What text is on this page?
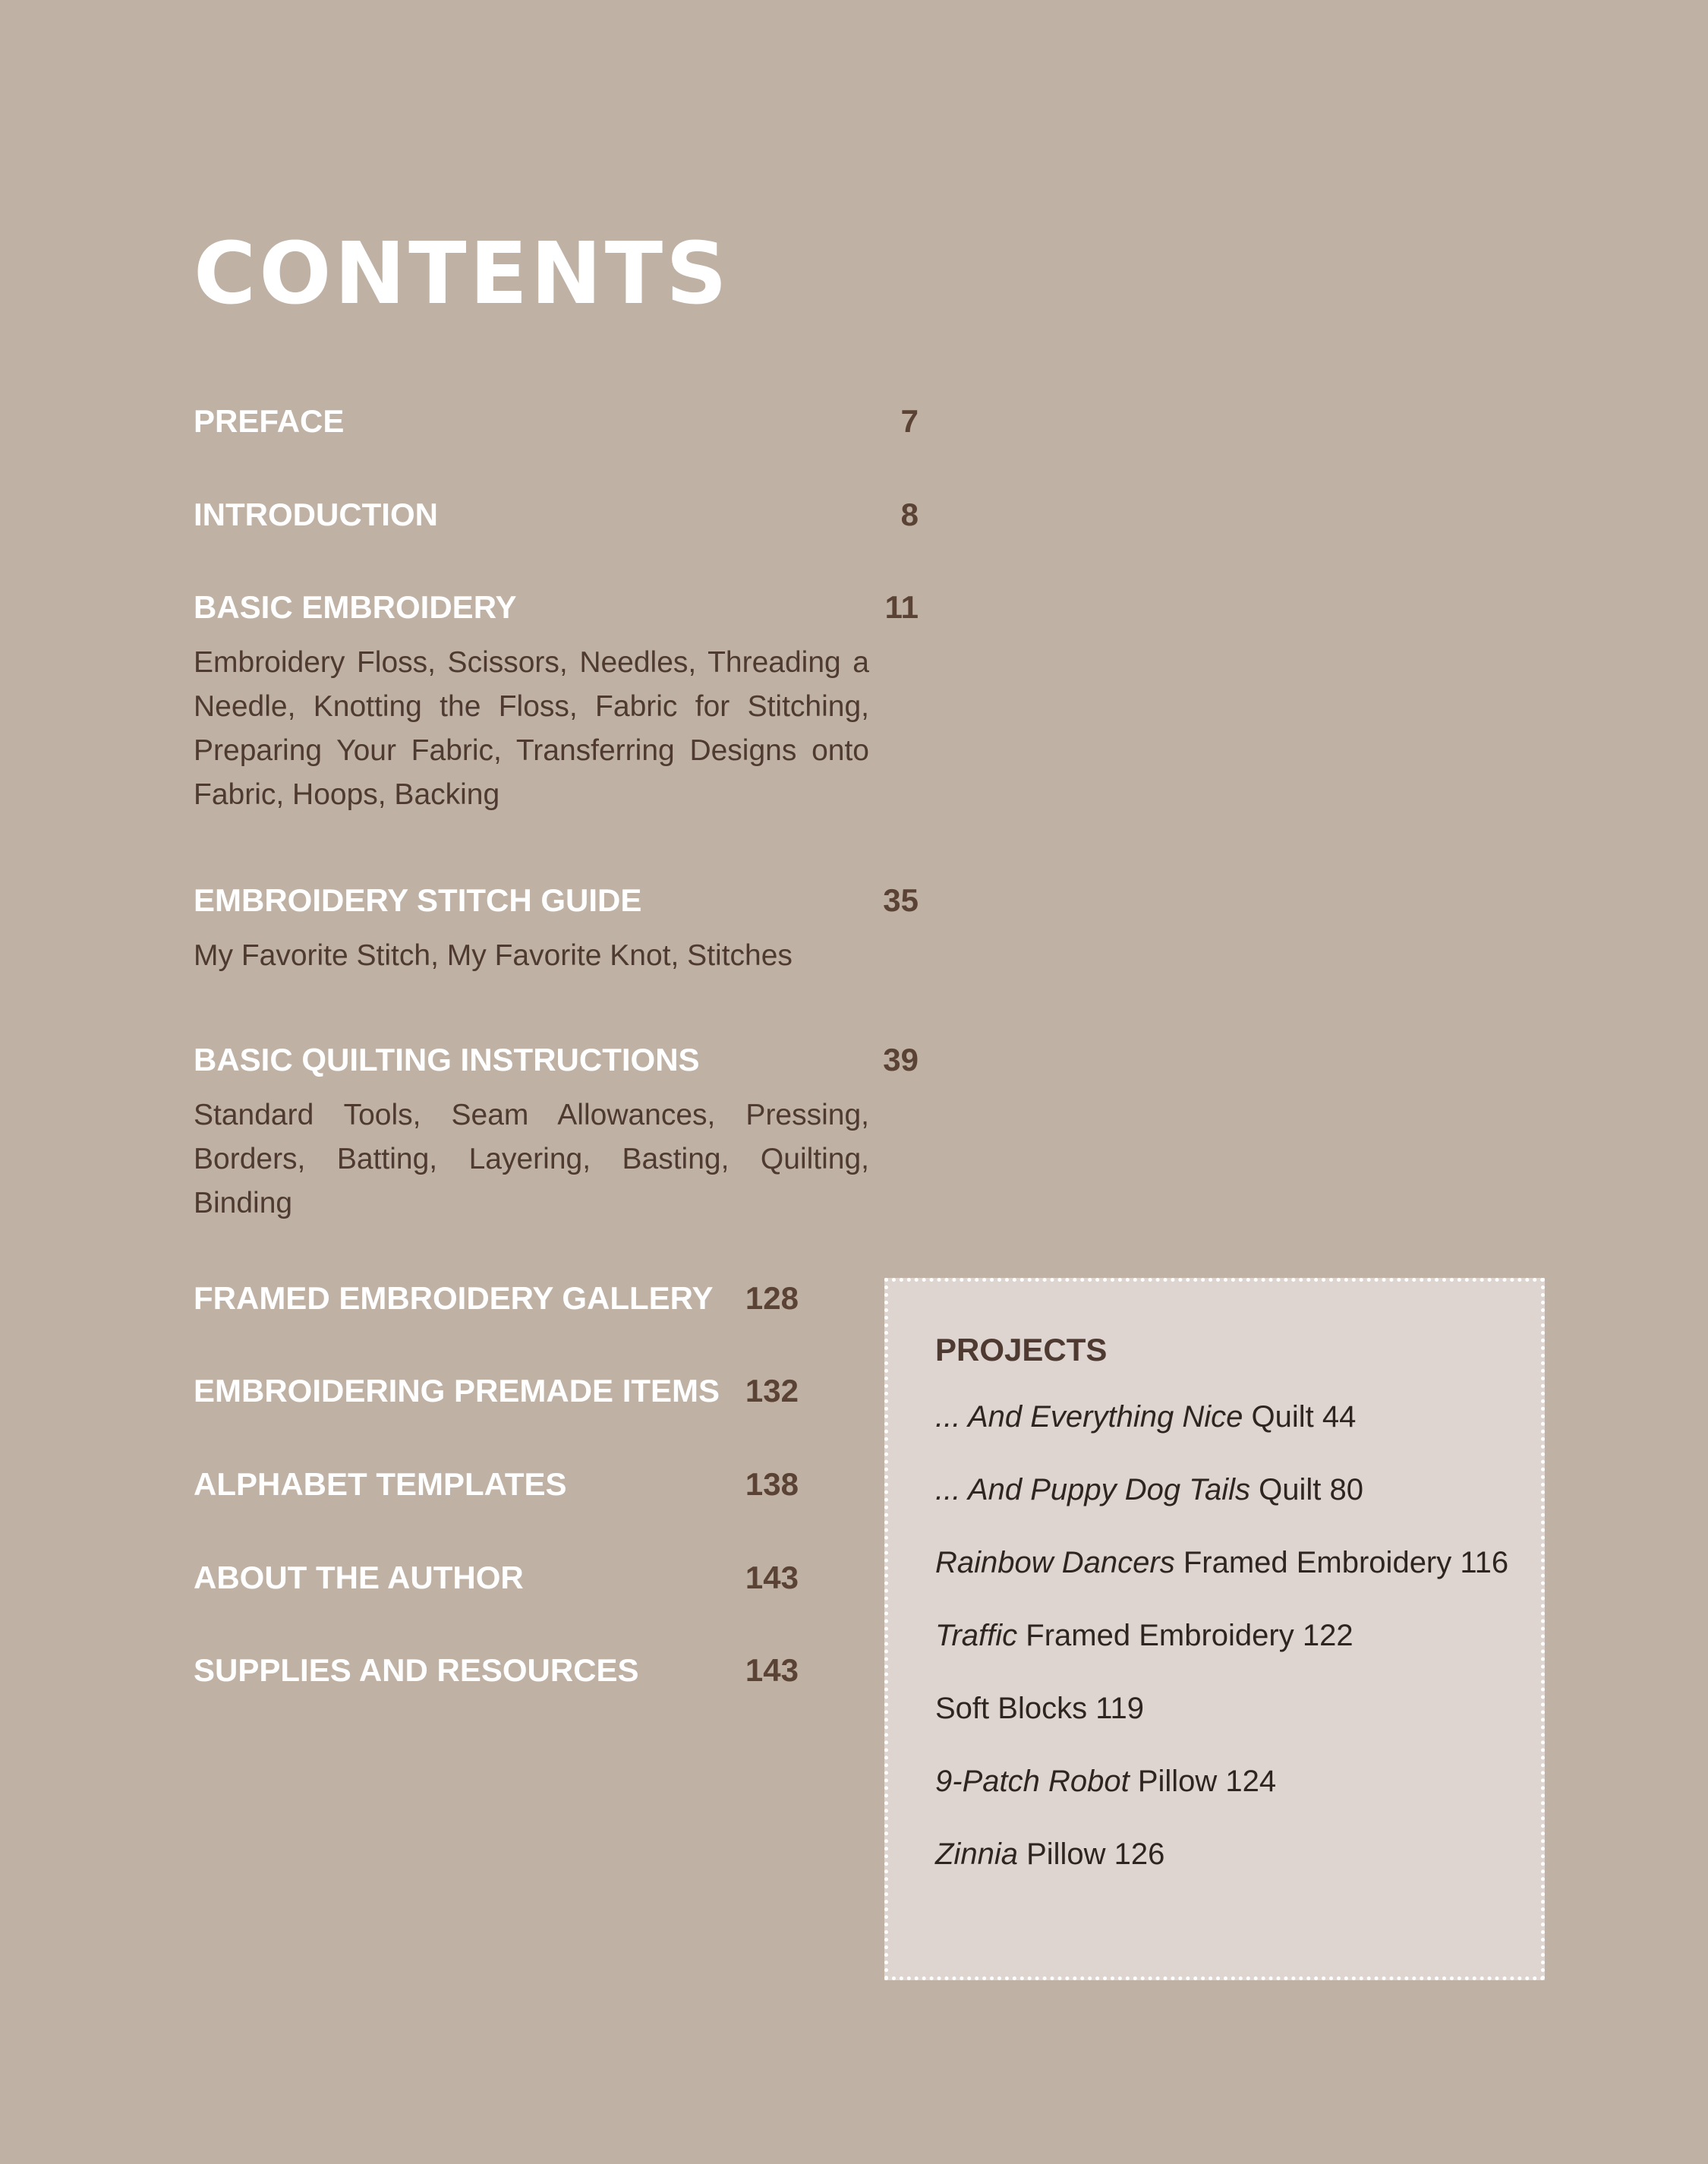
CONTENTS
PREFACE	7
INTRODUCTION	8
BASIC EMBROIDERY	11
Embroidery Floss, Scissors, Needles, Threading a Needle, Knotting the Floss, Fabric for Stitching, Preparing Your Fabric, Transferring Designs onto Fabric, Hoops, Backing
EMBROIDERY STITCH GUIDE	35
My Favorite Stitch, My Favorite Knot, Stitches
BASIC QUILTING INSTRUCTIONS	39
Standard Tools, Seam Allowances, Pressing, Borders, Batting, Layering, Basting, Quilting, Binding
FRAMED EMBROIDERY GALLERY 128
EMBROIDERING PREMADE ITEMS 132
ALPHABET TEMPLATES	138
ABOUT THE AUTHOR	143
SUPPLIES AND RESOURCES	143
PROJECTS
... And Everything Nice Quilt 44
... And Puppy Dog Tails Quilt 80
Rainbow Dancers Framed Embroidery 116
Traffic Framed Embroidery 122
Soft Blocks 119
9-Patch Robot Pillow 124
Zinnia Pillow 126
